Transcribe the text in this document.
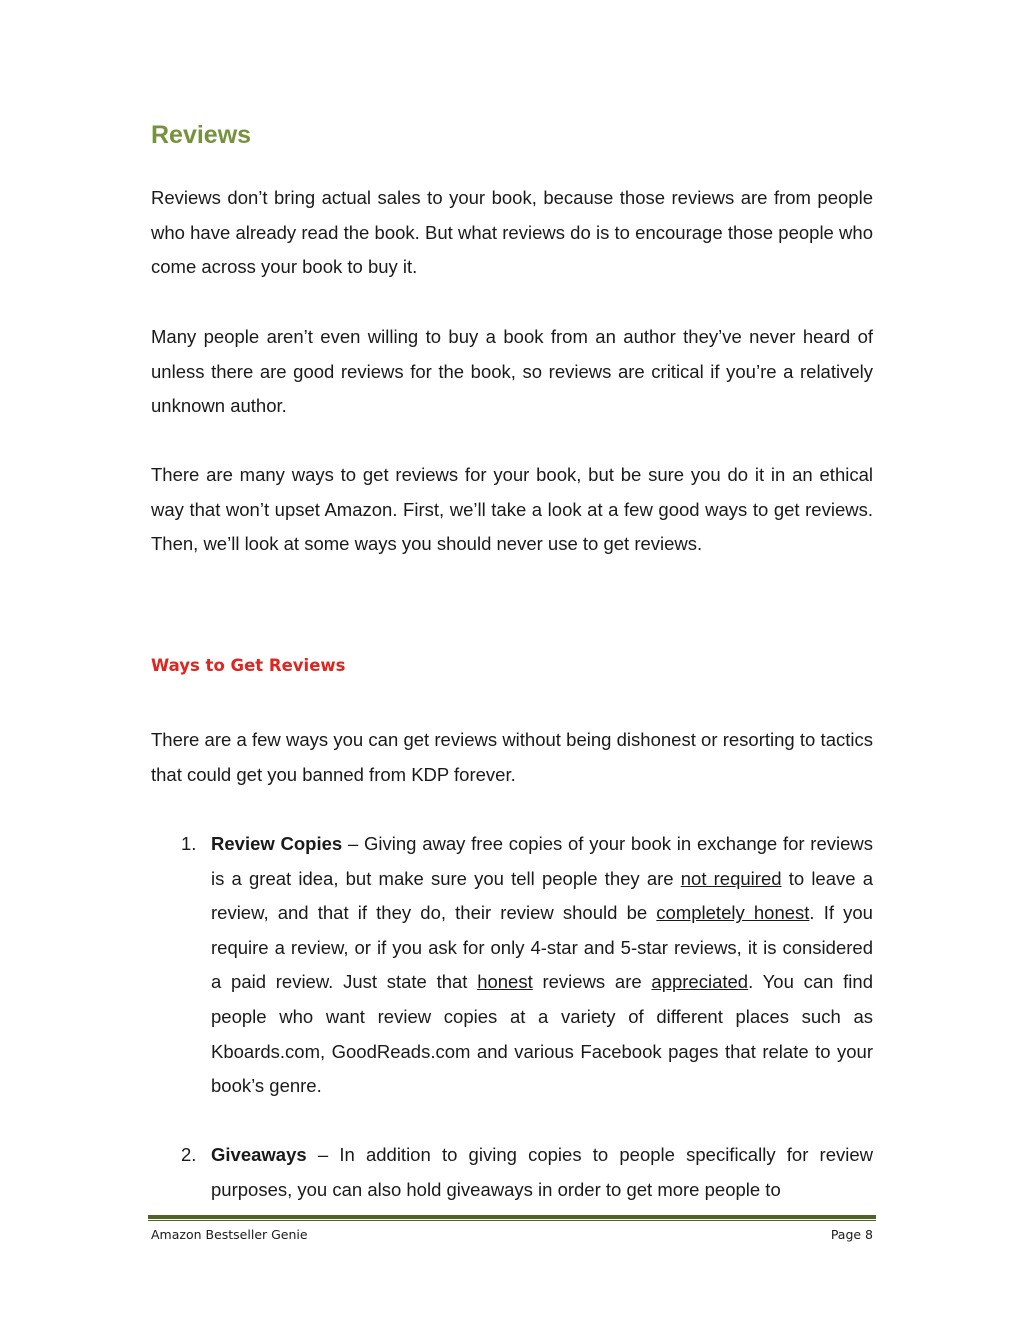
Reviews

Reviews don’t bring actual sales to your book, because those reviews are from people who have already read the book. But what reviews do is to encourage those people who come across your book to buy it.

Many people aren’t even willing to buy a book from an author they’ve never heard of unless there are good reviews for the book, so reviews are critical if you’re a relatively unknown author.

There are many ways to get reviews for your book, but be sure you do it in an ethical way that won’t upset Amazon. First, we’ll take a look at a few good ways to get reviews. Then, we’ll look at some ways you should never use to get reviews.

Ways to Get Reviews

There are a few ways you can get reviews without being dishonest or resorting to tactics that could get you banned from KDP forever.

1. Review Copies – Giving away free copies of your book in exchange for reviews is a great idea, but make sure you tell people they are not required to leave a review, and that if they do, their review should be completely honest. If you require a review, or if you ask for only 4-star and 5-star reviews, it is considered a paid review. Just state that honest reviews are appreciated. You can find people who want review copies at a variety of different places such as Kboards.com, GoodReads.com and various Facebook pages that relate to your book’s genre.
2. Giveaways – In addition to giving copies to people specifically for review purposes, you can also hold giveaways in order to get more people to
Amazon Bestseller Genie	Page 8
